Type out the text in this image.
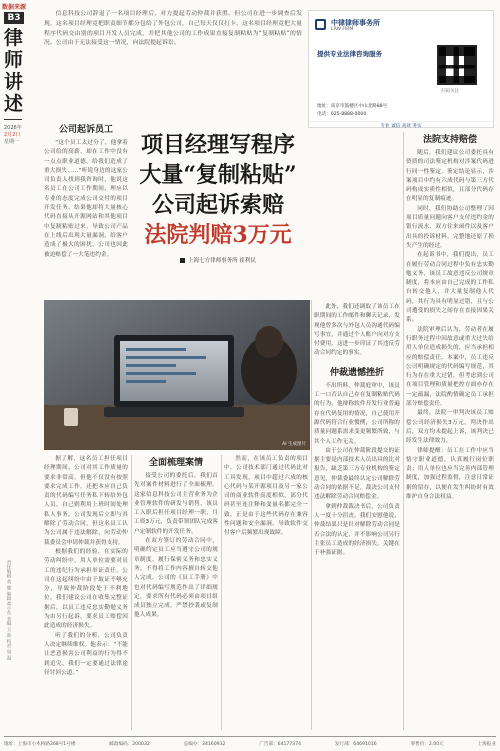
数据来源
B3
律师讲述
2026年
2月2日
星期一
责任编辑 黄 健 编辑 黄小东 美编 王 新 校对 周 磊
信息科技公司辞退了一名项目经理后，对方提起劳动仲裁并获胜。但公司在进一步调查后发现，这名项目经理竟把职责细节都分包给了外包公司，自己每天仅仅打卡，这名项目经理竟把大量程序代码交由别的项目开发人员完成，并把其他公司的工作成果直接复制粘贴为“复制粘贴”的情况。公司由于无法接受这一情况，向法院提起诉讼。
中律律师事务所
LAW FIRM
提供专业法律咨询服务
扫码关注
地址：南京市鼓楼区中山北路88号
电话：025-8888-0000
专业 诚信 高效 务实
公司起诉员工
“这个员工太过分了，他拿着公司给的高薪，却在工作中没有一点点职业道德，给我们造成了重大损失……”听说身边的这家公司负责人找到我咨询时，他说这名员工在公司工作期间，理应以专业的态度完成公司交付的项目开发任务，结果他却将大量核心代码直接从开源网站和其他项目中复制粘贴过来，导致公司产品在上线后出现大量漏洞，给客户造成了极大的困扰，公司也因此被迫赔偿了一大笔违约金。
项目经理写程序
大量“复制粘贴”
公司起诉索赔
法院判赔3万元
上海七方律师事务所 崔利民
AI 生成图片
据了解，这名员工担任项目经理期间，公司对其工作质量的要求非常高，但他不仅没有按照要求完成工作，还把本应自己负责的代码编写任务私下转给外包人员，自己则利用上班时间处理私人事务。公司发现后立即与其解除了劳动合同，但这名员工认为公司属于违法解除，向劳动仲裁委员会申请仲裁并获得支持。
根据我们的经验，在实际的劳动纠纷中，用人单位需要对员工的违纪行为承担举证责任。公司在这起纠纷中由于取证不够充分，导致仲裁阶段处于不利地位。我们建议公司在收集完整证据后，以员工违反忠实勤勉义务为由另行起诉，要求员工赔偿因此造成的经济损失。
听了我们的分析，公司负责人决定继续维权。他表示：“不能让恶意损害公司利益的行为得不到追究，我们一定要通过法律途径讨回公道。”
全面梳理案情
接受公司的委托后，我们首先对案件材料进行了全面梳理。这家信息科技公司主营业务为企业管理软件的研发与销售，该员工入职后担任项目经理一职，月工资3万元，负责带领团队完成客户定制软件的开发任务。
在双方签订的劳动合同中，明确约定员工应当遵守公司的规章制度，履行保密义务和忠实义务，不得将工作内容擅自转交他人完成。公司的《员工手册》中也对代码编写规范作出了详细规定，要求所有代码必须由项目组成员独立完成，严禁抄袭或复制他人成果。
然而，在该员工负责的项目中，公司技术部门通过代码比对工具发现，项目中超过六成的核心代码与某开源项目及另一家公司的商业软件高度相似，部分代码甚至连注释和变量名都完全一致。正是由于这些代码存在兼容性问题和安全漏洞，导致软件交付客户后频繁出现故障。
此外，我们还调取了该员工在职期间的工作邮件和聊天记录，发现他曾多次与外包人员沟通代码编写事宜，并通过个人账户向对方支付费用，这进一步印证了其违反劳动合同约定的事实。
仲裁遗憾挫折
不出所料，仲裁庭审中，该员工一口否认自己存在复制粘贴代码的行为，他辩称软件开发行业普遍存在代码复用的情况，自己使用开源代码符合行业惯例，公司所称的质量问题系需求变更频繁所致，与其个人工作无关。
由于公司在仲裁阶段提交的证据主要是内部技术人员出具的比对报告，缺乏第三方专业机构的鉴定意见，仲裁委最终认定公司解除劳动合同的依据不足，裁决公司支付违法解除劳动合同赔偿金。
拿到仲裁裁决书后，公司负责人一度十分沮丧。我们安慰他说，仲裁结果只是针对解除劳动合同是否合法的认定，并不影响公司另行主张员工造成的经济损失，关键在于补强证据。
法院支持赔偿
随后，我们建议公司委托具有资质的司法鉴定机构对涉案代码进行同一性鉴定。鉴定结论显示，涉案项目中约有六成代码与第三方代码构成实质性相似，且部分代码存在明显的复制痕迹。
同时，我们协助公司整理了因项目质量问题向客户支付违约金的银行流水、双方往来函件以及客户出具的投诉材料，完整地还原了损失产生的经过。
在起诉书中，我们提出，员工在履行劳动合同过程中负有忠实勤勉义务，该员工故意违反公司规章制度，将本应由自己完成的工作私自转交他人，并大量复制他人代码，其行为具有明显过错，且与公司遭受的损失之间存在直接因果关系。
法院审理后认为，劳动者在履行职务过程中因故意或重大过失给用人单位造成损失的，应当承担相应的赔偿责任。本案中，员工违反公司明确规定的代码编写规范，其行为存在重大过错，但考虑到公司在项目管理和质量把控方面亦存在一定疏漏，法院酌情确定员工承担部分赔偿责任。
最终，法院一审判决该员工赔偿公司经济损失3万元。判决作出后，双方均未提起上诉，该判决已经发生法律效力。
律师提醒：员工在工作中应当恪守职业道德，认真履行岗位职责；用人单位也应当完善内部管理制度，加强过程监督，注意日常证据的留存，以便在发生纠纷时有效维护自身合法权益。
地址：上海市小木桥路268号1号楼	邮政编码：200032	总编办：34160932	广告部：64177374	发行部：64691016	零售价：2.00元	上海报业
